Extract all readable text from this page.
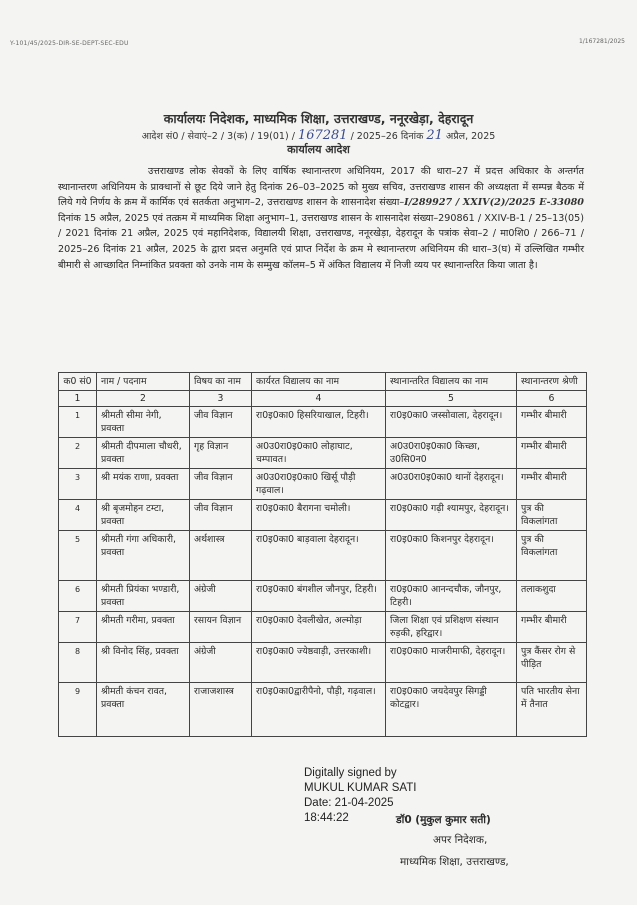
Y-101/45/2025-DIR-SE-DEPT-SEC-EDU	1/167281/2025
कार्यालयः निदेशक, माध्यमिक शिक्षा, उत्तराखण्ड, ननूरखेड़ा, देहरादून
आदेश सं0 / सेवाएं–2 / 3(क) / 19(01) / 167281 / 2025–26 दिनांक 21 अप्रैल, 2025
कार्यालय आदेश
उत्तराखण्ड लोक सेवकों के लिए वार्षिक स्थानान्तरण अधिनियम, 2017 की धारा–27 में प्रदत्त अधिकार के अन्तर्गत स्थानान्तरण अधिनियम के प्राक्धानों से छूट दिये जाने हेतु दिनांक 26–03–2025 को मुख्य सचिव, उत्तराखण्ड शासन की अध्यक्षता में सम्पन्न बैठक में लिये गये निर्णय के क्रम में कार्मिक एवं सतर्कता अनुभाग–2, उत्तराखण्ड शासन के शासनादेश संख्या–I/289927 / XXIV(2)/2025 E-33080 दिनांक 15 अप्रैल, 2025 एवं तत्क्रम में माध्यमिक शिक्षा अनुभाग–1, उत्तराखण्ड शासन के शासनादेश संख्या–290861 / XXIV-B-1 / 25–13(05) / 2021 दिनांक 21 अप्रैल, 2025 एवं महानिदेशक, विद्यालयी शिक्षा, उत्तराखण्ड, ननूरखेड़ा, देहरादून के पत्रांक सेवा–2 / मा0शि0 / 266–71 / 2025–26 दिनांक 21 अप्रैल, 2025 के द्वारा प्रदत्त अनुमति एवं प्राप्त निर्देश के क्रम मे स्थानान्तरण अधिनियम की धारा–3(घ) में उल्लिखित गम्भीर बीमारी से आच्छादित निम्नांकित प्रवक्ता को उनके नाम के सम्मुख कॉलम–5 में अंकित विद्यालय में निजी व्यय पर स्थानान्तरित किया जाता है।
क0 सं0	नाम / पदनाम	विषय का नाम	कार्यरत विद्यालय का नाम	स्थानान्तरित विद्यालय का नाम	स्थानान्तरण श्रेणी
1	2	3	4	5	6
1	श्रीमती सीमा नेगी, प्रवक्ता	जीव विज्ञान	रा0इ0का0 हिसरियाखाल, टिहरी।	रा0इ0का0 जस्सोवाला, देहरादून।	गम्भीर बीमारी
2	श्रीमती दीपमाला चौधरी, प्रवक्ता	गृह विज्ञान	अ0उ0रा0इ0का0 लोहाघाट, चम्पावत।	अ0उ0रा0इ0का0 किच्छा, उ0सि0न0	गम्भीर बीमारी
3	श्री मयंक राणा, प्रवक्ता	जीव विज्ञान	अ0उ0रा0इ0का0 खिर्सू पौड़ी गढ़वाल।	अ0उ0रा0इ0का0 थानों देहरादून।	गम्भीर बीमारी
4	श्री बृजमोहन टम्टा, प्रवक्ता	जीव विज्ञान	रा0इ0का0 बैरागना चमोली।	रा0इ0का0 गढ़ी श्यामपुर, देहरादून।	पुत्र की विकलांगता
5	श्रीमती गंगा अधिकारी, प्रवक्ता	अर्थशास्त्र	रा0इ0का0 बाड़वाला देहरादून।	रा0इ0का0 किशनपुर देहरादून।	पुत्र की विकलांगता
6	श्रीमती प्रियंका भण्डारी, प्रवक्ता	अंग्रेजी	रा0इ0का0 बंगशील जौनपुर, टिहरी।	रा0इ0का0 आनन्दचौक, जौनपुर, टिहरी।	तलाकशुदा
7	श्रीमती गरीमा, प्रवक्ता	रसायन विज्ञान	रा0इ0का0 देवलीखेत, अल्मोड़ा	जिला शिक्षा एवं प्रशिक्षण संस्थान रुड़की, हरिद्वार।	गम्भीर बीमारी
8	श्री विनोद सिंह, प्रवक्ता	अंग्रेजी	रा0इ0का0 ज्येष्ठवाड़ी, उत्तरकाशी।	रा0इ0का0 माजरीमाफी, देहरादून।	पुत्र कैंसर रोग से पीड़ित
9	श्रीमती कंचन रावत, प्रवक्ता	राजाजशास्त्र	रा0इ0का0द्वारीपैनो, पौड़ी, गढ़वाल।	रा0इ0का0 जयदेवपुर सिगड्डी कोटद्वार।	पति भारतीय सेना में तैनात
Digitally signed by
MUKUL KUMAR SATI
Date: 21-04-2025
18:44:22	डॉ0 (मुकुल कुमार सती)
अपर निदेशक,
माध्यमिक शिक्षा, उत्तराखण्ड,
